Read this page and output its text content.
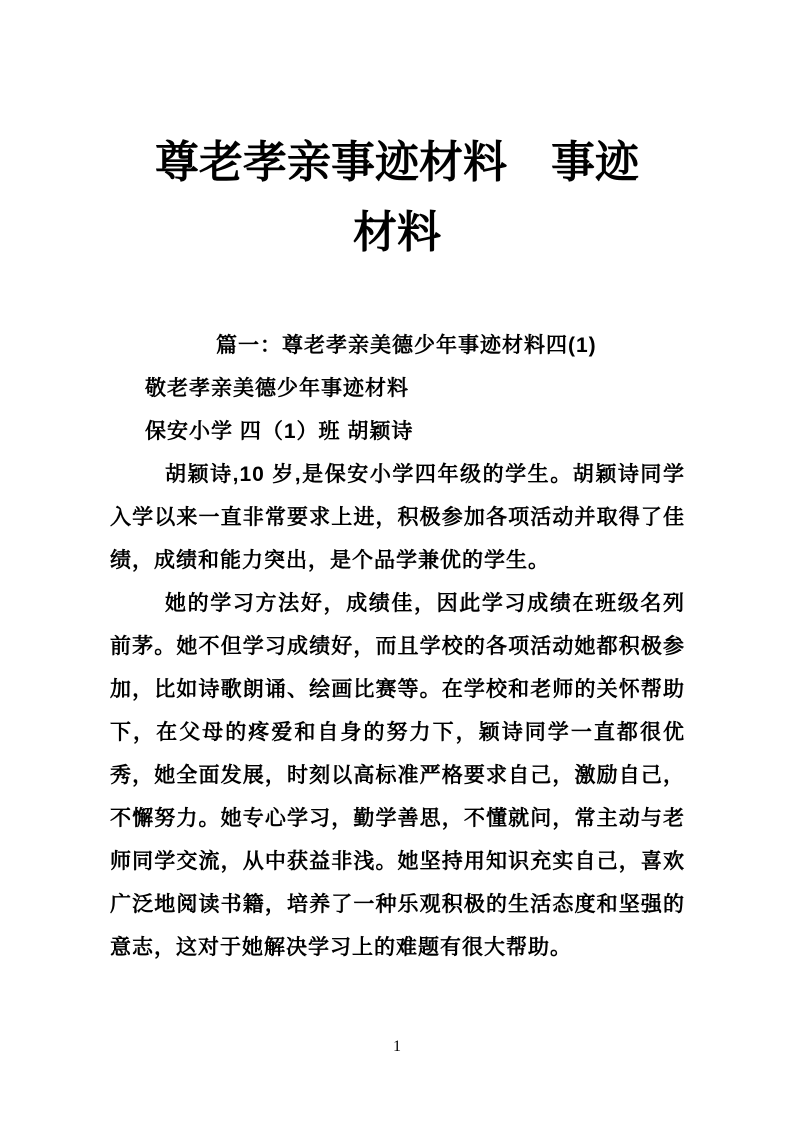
尊老孝亲事迹材料　事迹
材料

篇一：尊老孝亲美德少年事迹材料四(1)

敬老孝亲美德少年事迹材料

保安小学 四（1）班 胡颖诗

胡颖诗,10 岁,是保安小学四年级的学生。胡颖诗同学入学以来一直非常要求上进，积极参加各项活动并取得了佳绩，成绩和能力突出，是个品学兼优的学生。

她的学习方法好，成绩佳，因此学习成绩在班级名列前茅。她不但学习成绩好，而且学校的各项活动她都积极参加，比如诗歌朗诵、绘画比赛等。在学校和老师的关怀帮助下，在父母的疼爱和自身的努力下，颖诗同学一直都很优秀，她全面发展，时刻以高标准严格要求自己，激励自己，不懈努力。她专心学习，勤学善思，不懂就问，常主动与老师同学交流，从中获益非浅。她坚持用知识充实自己，喜欢广泛地阅读书籍，培养了一种乐观积极的生活态度和坚强的意志，这对于她解决学习上的难题有很大帮助。

1
